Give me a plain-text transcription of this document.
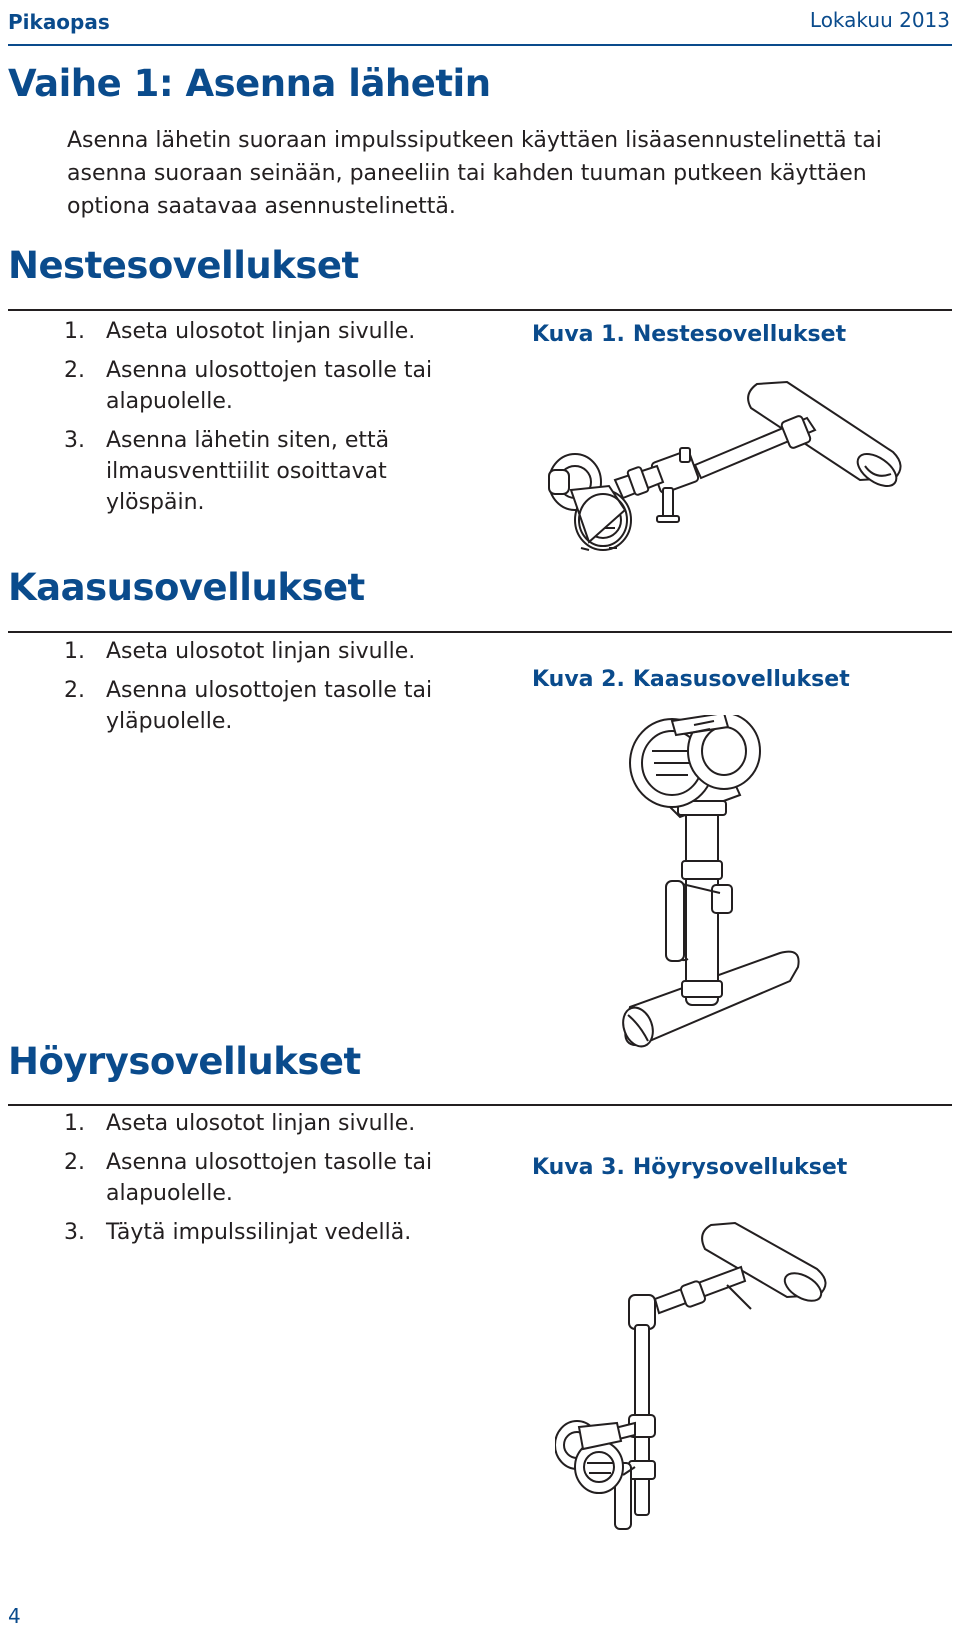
Pikaopas	Lokakuu 2013
Vaihe 1: Asenna lähetin
Asenna lähetin suoraan impulssiputkeen käyttäen lisäasennustelinettä tai asenna suoraan seinään, paneeliin tai kahden tuuman putkeen käyttäen optiona saatavaa asennustelinettä.
Nestesovellukset
1. Aseta ulosotot linjan sivulle.
2. Asenna ulosottojen tasolle tai alapuolelle.
3. Asenna lähetin siten, että ilmausventtiilit osoittavat ylöspäin.
Kuva 1. Nestesovellukset
Kaasusovellukset
1. Aseta ulosotot linjan sivulle.
2. Asenna ulosottojen tasolle tai yläpuolelle.
Kuva 2. Kaasusovellukset
Höyrysovellukset
1. Aseta ulosotot linjan sivulle.
2. Asenna ulosottojen tasolle tai alapuolelle.
3. Täytä impulssilinjat vedellä.
Kuva 3. Höyrysovellukset
4
